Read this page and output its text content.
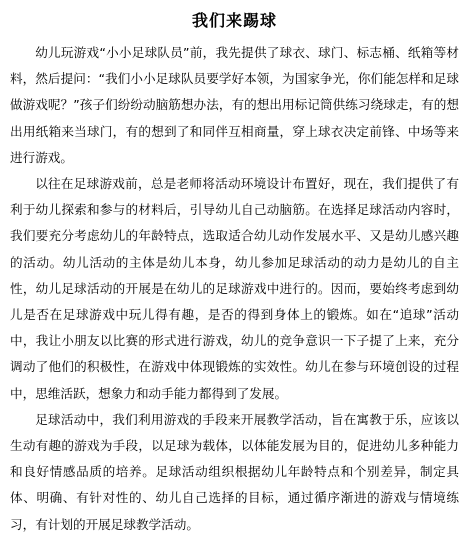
我们来踢球

幼儿玩游戏“小小足球队员”前，我先提供了球衣、球门、标志桶、纸箱等材料，然后提问：“我们小小足球队员要学好本领，为国家争光，你们能怎样和足球做游戏呢？”孩子们纷纷动脑筋想办法，有的想出用标记筒供练习绕球走，有的想出用纸箱来当球门，有的想到了和同伴互相商量，穿上球衣决定前锋、中场等来进行游戏。

以往在足球游戏前，总是老师将活动环境设计布置好，现在，我们提供了有利于幼儿探索和参与的材料后，引导幼儿自己动脑筋。在选择足球活动内容时，我们要充分考虑幼儿的年龄特点，选取适合幼儿动作发展水平、又是幼儿感兴趣的活动。幼儿活动的主体是幼儿本身，幼儿参加足球活动的动力是幼儿的自主性，幼儿足球活动的开展是在幼儿的足球游戏中进行的。因而，要始终考虑到幼儿是否在足球游戏中玩儿得有趣，是否的得到身体上的锻炼。如在“追球”活动中，我让小朋友以比赛的形式进行游戏，幼儿的竞争意识一下子提了上来，充分调动了他们的积极性，在游戏中体现锻炼的实效性。幼儿在参与环境创设的过程中，思维活跃，想象力和动手能力都得到了发展。

足球活动中，我们利用游戏的手段来开展教学活动，旨在寓教于乐，应该以生动有趣的游戏为手段，以足球为载体，以体能发展为目的，促进幼儿多种能力和良好情感品质的培养。足球活动组织根据幼儿年龄特点和个别差异，制定具体、明确、有针对性的、幼儿自己选择的目标，通过循序渐进的游戏与情境练习，有计划的开展足球教学活动。
